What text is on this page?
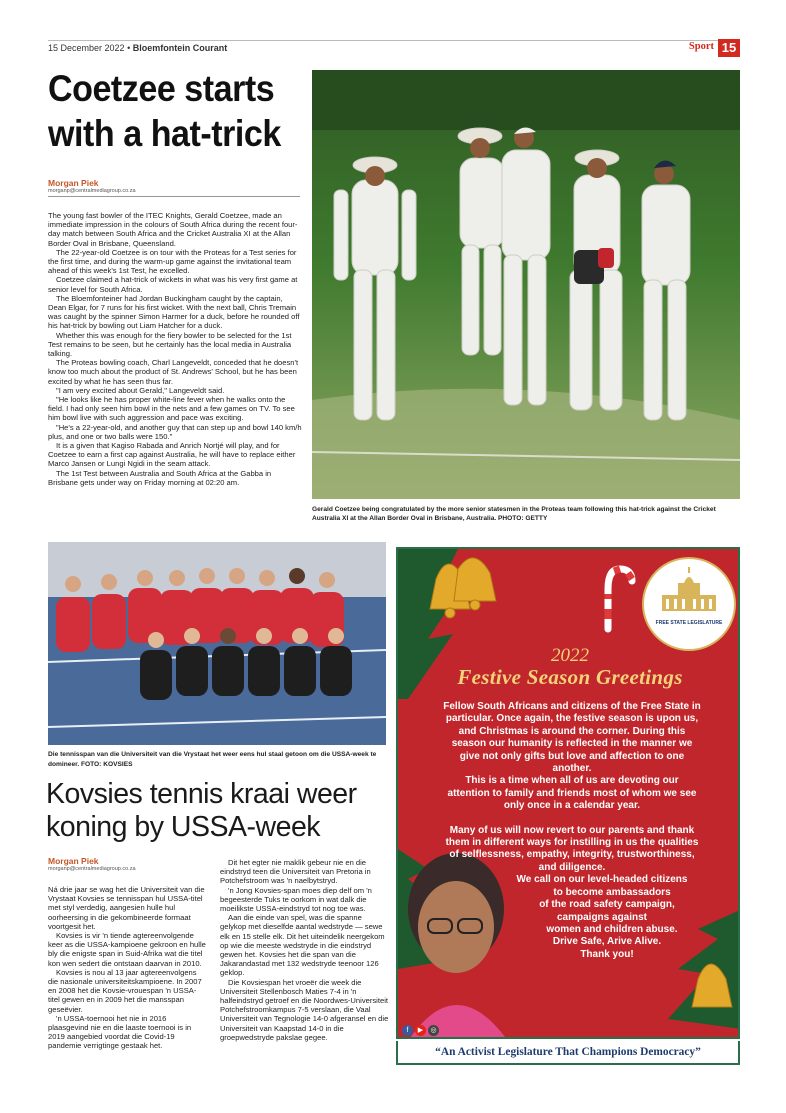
15 December 2022 • Bloemfontein Courant	Sport 15
Coetzee starts
with a hat-trick
Morgan Piek
morganp@centralmediagroup.co.za

The young fast bowler of the ITEC Knights, Gerald Coetzee, made an immediate impression in the colours of South Africa during the recent four-day match between South Africa and the Cricket Australia XI at the Allan Border Oval in Brisbane, Queensland.

The 22-year-old Coetzee is on tour with the Proteas for a Test series for the first time, and during the warm-up game against the invitational team ahead of this week's 1st Test, he excelled.

Coetzee claimed a hat-trick of wickets in what was his very first game at senior level for South Africa.

The Bloemfonteiner had Jordan Buckingham caught by the captain, Dean Elgar, for 7 runs for his first wicket. With the next ball, Chris Tremain was caught by the spinner Simon Harmer for a duck, before he rounded off his hat-trick by bowling out Liam Hatcher for a duck.

Whether this was enough for the fiery bowler to be selected for the 1st Test remains to be seen, but he certainly has the local media in Australia talking.

The Proteas bowling coach, Charl Langeveldt, conceded that he doesn't know too much about the product of St. Andrews' School, but he has been excited by what he has seen thus far.

"I am very excited about Gerald," Langeveldt said.

"He looks like he has proper white-line fever when he walks onto the field. I had only seen him bowl in the nets and a few games on TV. To see him bowl live with such aggression and pace was exciting.

"He's a 22-year-old, and another guy that can step up and bowl 140 km/h plus, and one or two balls were 150."

It is a given that Kagiso Rabada and Anrich Nortjé will play, and for Coetzee to earn a first cap against Australia, he will have to replace either Marco Jansen or Lungi Ngidi in the seam attack.

The 1st Test between Australia and South Africa at the Gabba in Brisbane gets under way on Friday morning at 02:20 am.

Gerald Coetzee being congratulated by the more senior statesmen in the Proteas team following this hat-trick against the Cricket Australia XI at the Allan Border Oval in Brisbane, Australia. PHOTO: GETTY
Die tennisspan van die Universiteit van die Vrystaat het weer eens hul staal getoon om die USSA-week te domineer. FOTO: KOVSIES
Kovsies tennis kraai weer
koning by USSA-week
Morgan Piek
morganp@centralmediagroup.co.za

Ná drie jaar se wag het die Universiteit van die Vrystaat Kovsies se tennisspan hul USSA-titel met styl verdedig, aangesien hulle hul oorheersing in die gekombineerde formaat voortgesit het.

Kovsies is vir 'n tiende agtereenvolgende keer as die USSA-kampioene gekroon en hulle bly die enigste span in Suid-Afrika wat die titel kon wen sedert die ontstaan daarvan in 2010.

Kovsies is nou al 13 jaar agtereenvolgens die nasionale universiteitskampioene. In 2007 en 2008 het die Kovsie-vrouespan 'n USSA-titel gewen en in 2009 het die mansspan geseëvier.

'n USSA-toernooi het nie in 2016 plaasgevind nie en die laaste toernooi is in 2019 aangebied voordat die Covid-19 pandemie verrigtinge gestaak het.

Dit het egter nie maklik gebeur nie en die eindstryd teen die Universiteit van Pretoria in Potchefstroom was 'n naelbytstryd.

'n Jong Kovsies-span moes diep delf om 'n begeesterde Tuks te oorkom in wat dalk die moeilikste USSA-eindstryd tot nog toe was.

Aan die einde van spel, was die spanne gelykop met dieselfde aantal wedstryde — sewe elk en 15 stelle elk. Dit het uiteindelik neergekom op wie die meeste wedstryde in die eindstryd gewen het. Kovsies het die span van die Jakarandastad met 132 wedstryde teenoor 126 geklop.

Die Kovsiespan het vroeër die week die Universiteit Stellenbosch Maties 7-4 in 'n halfeindstryd getroef en die Noordwes-Universiteit Potchefstroomkampus 7-5 verslaan, die Vaal Universiteit van Tegnologie 14-0 afgeransel en die Universiteit van Kaapstad 14-0 in die groepwedstryde pakslae gegee.

FREE STATE LEGISLATURE
2022
Festive Season Greetings
Fellow South Africans and citizens of the Free State in
particular. Once again, the festive season is upon us,
and Christmas is around the corner. During this
season our humanity is reflected in the manner we
give not only gifts but love and affection to one
another.
This is a time when all of us are devoting our
attention to family and friends most of whom we see
only once in a calendar year.
Many of us will now revert to our parents and thank
them in different ways for instilling in us the qualities
of selflessness, empathy, integrity, trustworthiness,
and diligence.
We call on our level-headed citizens
to become ambassadors
of the road safety campaign,
campaigns against
women and children abuse.
Drive Safe, Arive Alive.
Thank you!
f ▶ ◎
“An Activist Legislature That Champions Democracy”
